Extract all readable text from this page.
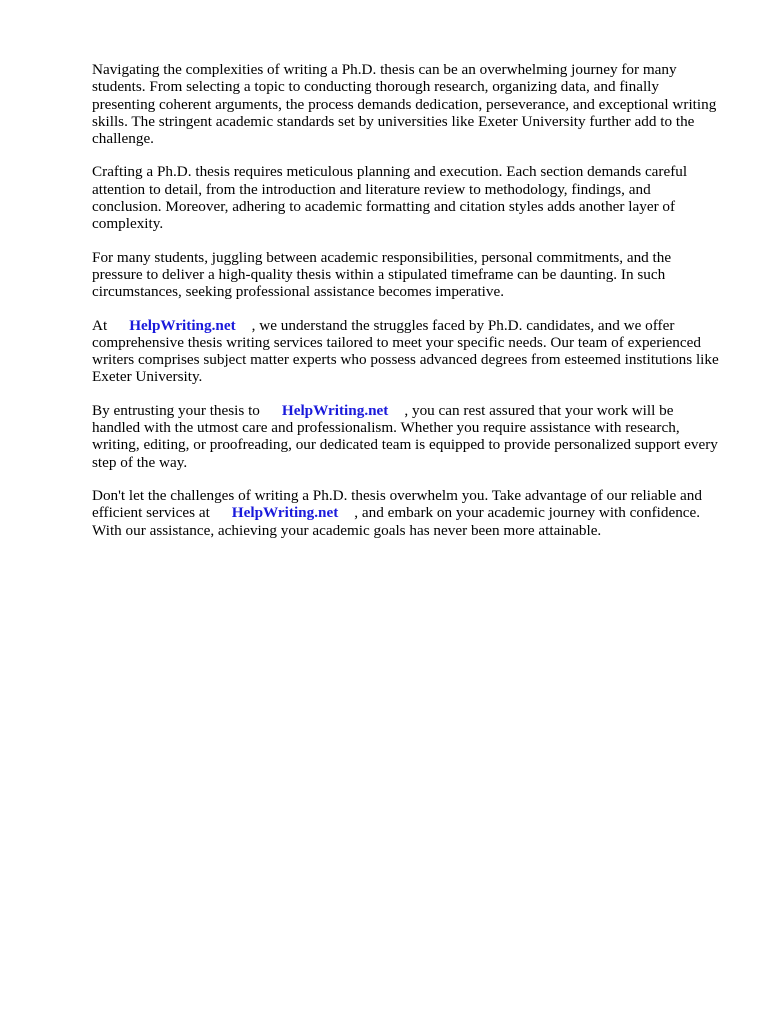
Navigating the complexities of writing a Ph.D. thesis can be an overwhelming journey for many students. From selecting a topic to conducting thorough research, organizing data, and finally presenting coherent arguments, the process demands dedication, perseverance, and exceptional writing skills. The stringent academic standards set by universities like Exeter University further add to the challenge.

Crafting a Ph.D. thesis requires meticulous planning and execution. Each section demands careful attention to detail, from the introduction and literature review to methodology, findings, and conclusion. Moreover, adhering to academic formatting and citation styles adds another layer of complexity.

For many students, juggling between academic responsibilities, personal commitments, and the pressure to deliver a high-quality thesis within a stipulated timeframe can be daunting. In such circumstances, seeking professional assistance becomes imperative.

At HelpWriting.net , we understand the struggles faced by Ph.D. candidates, and we offer comprehensive thesis writing services tailored to meet your specific needs. Our team of experienced writers comprises subject matter experts who possess advanced degrees from esteemed institutions like Exeter University.

By entrusting your thesis to HelpWriting.net , you can rest assured that your work will be handled with the utmost care and professionalism. Whether you require assistance with research, writing, editing, or proofreading, our dedicated team is equipped to provide personalized support every step of the way.

Don't let the challenges of writing a Ph.D. thesis overwhelm you. Take advantage of our reliable and efficient services at HelpWriting.net , and embark on your academic journey with confidence. With our assistance, achieving your academic goals has never been more attainable.
